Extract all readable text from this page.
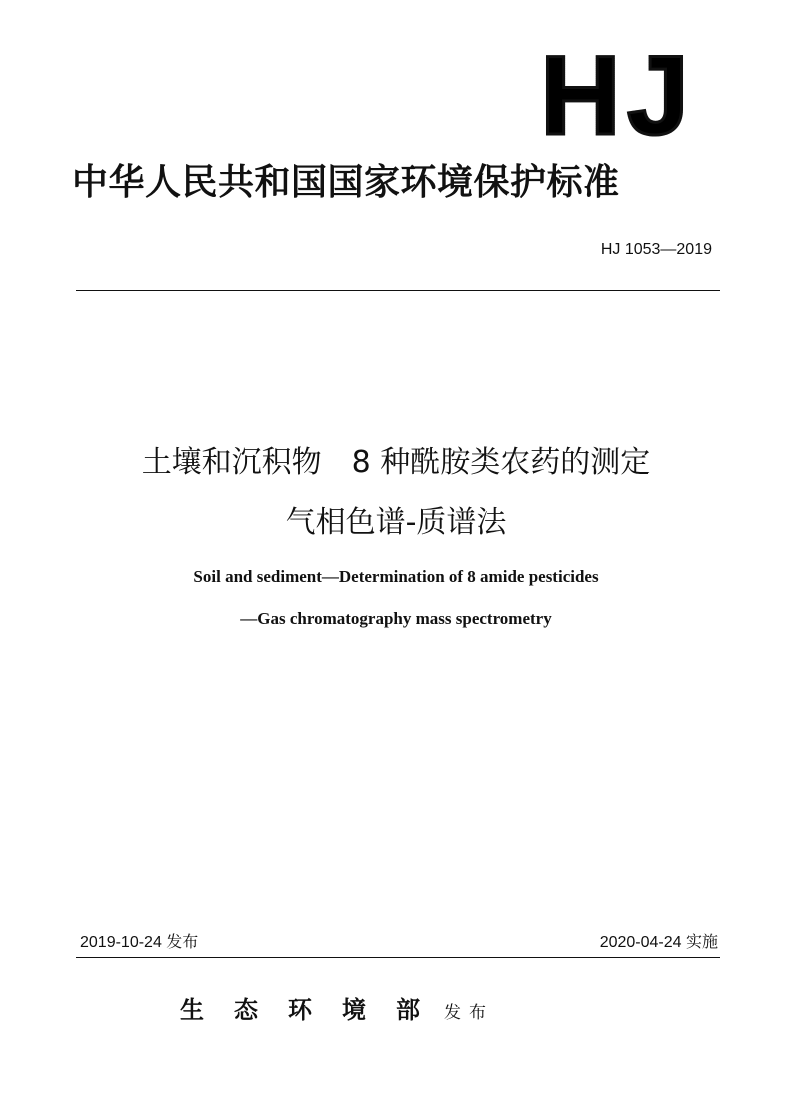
HJ
中华人民共和国国家环境保护标准
HJ 1053—2019
土壤和沉积物　8 种酰胺类农药的测定
气相色谱-质谱法
Soil and sediment—Determination of 8 amide pesticides
—Gas chromatography mass spectrometry
2019-10-24 发布	2020-04-24 实施
生态环境部发布
